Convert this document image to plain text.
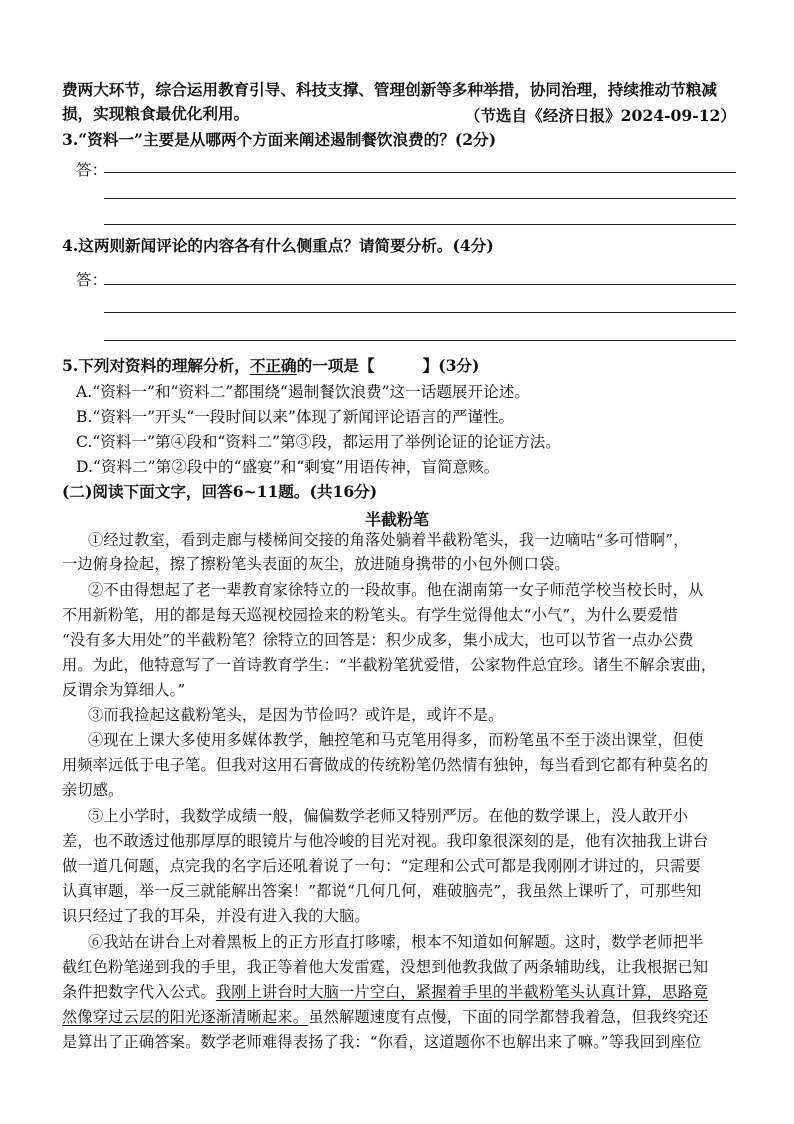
费两大环节，综合运用教育引导、科技支撑、管理创新等多种举措，协同治理，持续推动节粮减
损，实现粮食最优化利用。	（节选自《经济日报》2024-09-12）
3.“资料一”主要是从哪两个方面来阐述遏制餐饮浪费的？(2分)
答：
4.这两则新闻评论的内容各有什么侧重点？请简要分析。(4分)
答：
5.下列对资料的理解分析，不正确的一项是【	】(3分)
A.“资料一”和“资料二”都围绕“遏制餐饮浪费”这一话题展开论述。
B.“资料一”开头“一段时间以来”体现了新闻评论语言的严谨性。
C.“资料一”第④段和“资料二”第③段，都运用了举例论证的论证方法。
D.“资料二”第②段中的“盛宴”和“剩宴”用语传神，盲简意赅。
(二)阅读下面文字，回答6~11题。(共16分)
半截粉笔
①经过教室，看到走廊与楼梯间交接的角落处躺着半截粉笔头，我一边嘀咕“多可惜啊”，
一边俯身捡起，擦了擦粉笔头表面的灰尘，放进随身携带的小包外侧口袋。
②不由得想起了老一辈教育家徐特立的一段故事。他在湖南第一女子师范学校当校长时，从
不用新粉笔，用的都是每天巡视校园捡来的粉笔头。有学生觉得他太“小气”，为什么要爱惜
“没有多大用处”的半截粉笔？徐特立的回答是：积少成多，集小成大，也可以节省一点办公费
用。为此，他特意写了一首诗教育学生：“半截粉笔犹爱惜，公家物件总宜珍。诸生不解余衷曲，
反谓余为算细人。”
③而我捡起这截粉笔头，是因为节俭吗？或许是，或许不是。
④现在上课大多使用多媒体教学，触控笔和马克笔用得多，而粉笔虽不至于淡出课堂，但使
用频率远低于电子笔。但我对这用石膏做成的传统粉笔仍然情有独钟，每当看到它都有种莫名的
亲切感。
⑤上小学时，我数学成绩一般，偏偏数学老师又特别严厉。在他的数学课上，没人敢开小
差，也不敢透过他那厚厚的眼镜片与他冷峻的目光对视。我印象很深刻的是，他有次抽我上讲台
做一道几何题，点完我的名字后还吼着说了一句：“定理和公式可都是我刚刚才讲过的，只需要
认真审题，举一反三就能解出答案！”都说“几何几何，难破脑壳”，我虽然上课听了，可那些知
识只经过了我的耳朵，并没有进入我的大脑。
⑥我站在讲台上对着黑板上的正方形直打哆嗦，根本不知道如何解题。这时，数学老师把半
截红色粉笔递到我的手里，我正等着他大发雷霆，没想到他教我做了两条辅助线，让我根据已知
条件把数字代入公式。我刚上讲台时大脑一片空白，紧握着手里的半截粉笔头认真计算，思路竟
然像穿过云层的阳光逐渐清晰起来。虽然解题速度有点慢，下面的同学都替我着急，但我终究还
是算出了正确答案。数学老师难得表扬了我：“你看，这道题你不也解出来了嘛。”等我回到座位
